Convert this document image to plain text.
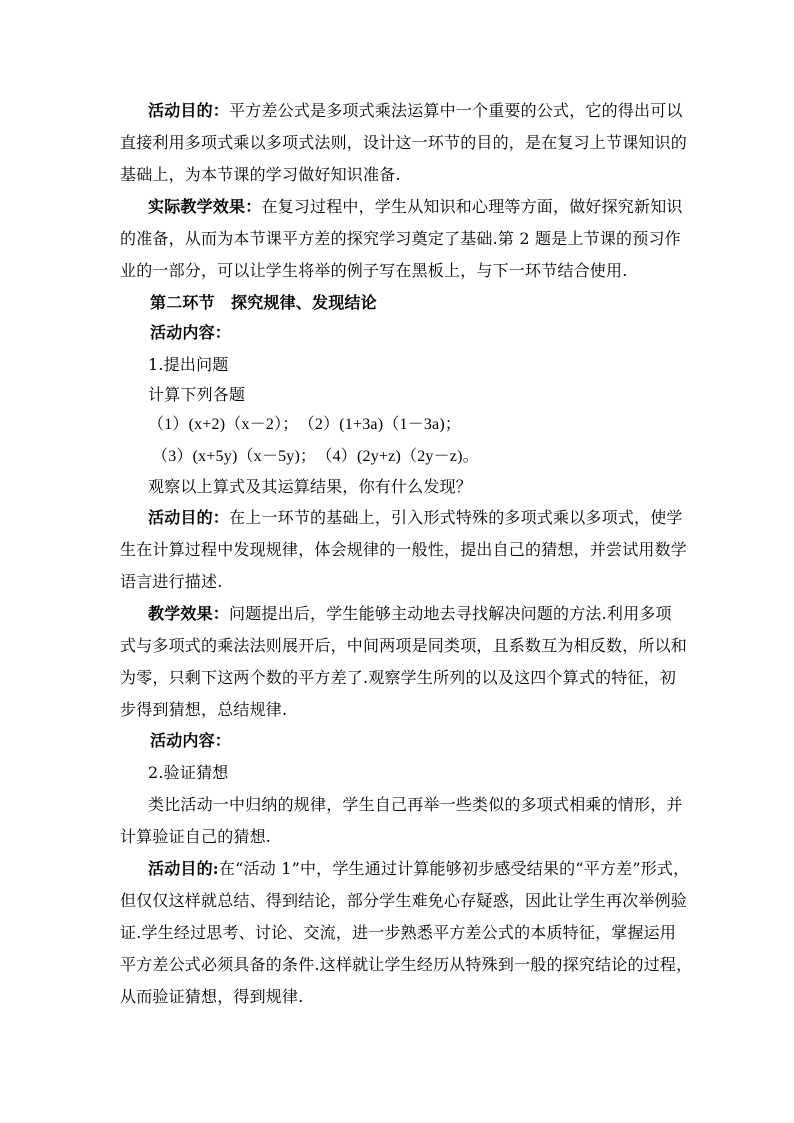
活动目的：平方差公式是多项式乘法运算中一个重要的公式，它的得出可以
直接利用多项式乘以多项式法则，设计这一环节的目的，是在复习上节课知识的
基础上，为本节课的学习做好知识准备.
实际教学效果：在复习过程中，学生从知识和心理等方面，做好探究新知识
的准备，从而为本节课平方差的探究学习奠定了基础.第 2 题是上节课的预习作
业的一部分，可以让学生将举的例子写在黑板上，与下一环节结合使用.
第二环节　探究规律、发现结论
活动内容：
1.提出问题
计算下列各题
（1）(x+2)（x－2）；　（2）(1+3a)（1－3a)；
（3）(x+5y)（x－5y)；　（4）(2y+z)（2y－z)。
观察以上算式及其运算结果，你有什么发现？
活动目的：在上一环节的基础上，引入形式特殊的多项式乘以多项式，使学
生在计算过程中发现规律，体会规律的一般性，提出自己的猜想，并尝试用数学
语言进行描述.
教学效果：问题提出后，学生能够主动地去寻找解决问题的方法.利用多项
式与多项式的乘法法则展开后，中间两项是同类项，且系数互为相反数，所以和
为零，只剩下这两个数的平方差了.观察学生所列的以及这四个算式的特征，初
步得到猜想，总结规律.
活动内容：
2.验证猜想
类比活动一中归纳的规律，学生自己再举一些类似的多项式相乘的情形，并
计算验证自己的猜想.
活动目的:在“活动 1”中，学生通过计算能够初步感受结果的“平方差”形式，
但仅仅这样就总结、得到结论，部分学生难免心存疑惑，因此让学生再次举例验
证.学生经过思考、讨论、交流，进一步熟悉平方差公式的本质特征，掌握运用
平方差公式必须具备的条件.这样就让学生经历从特殊到一般的探究结论的过程，
从而验证猜想，得到规律.
